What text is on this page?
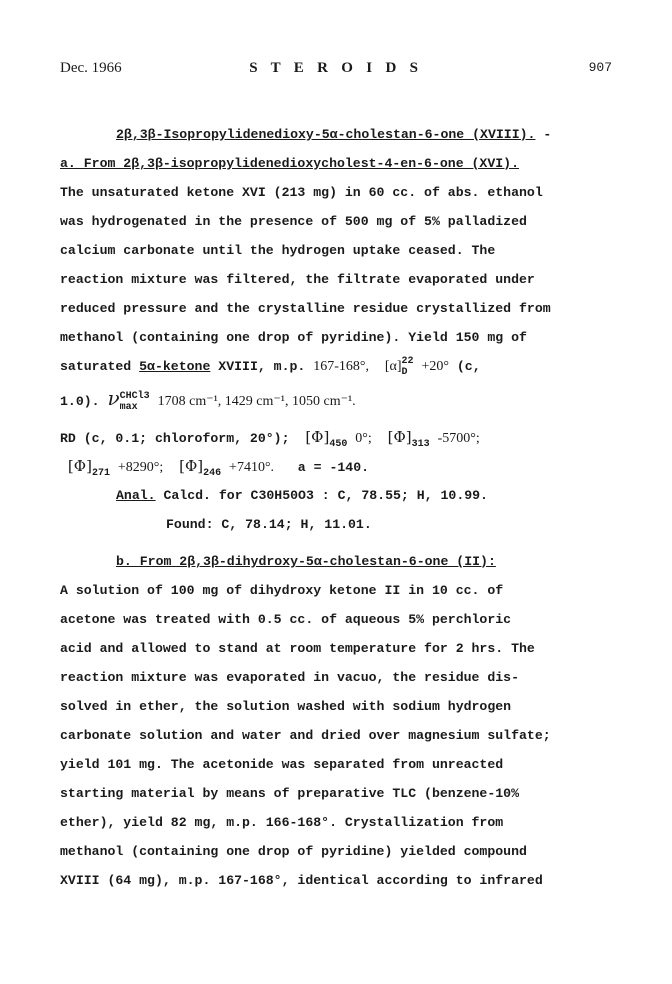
Dec. 1966	S T E R O I D S	907
2β,3β-Isopropylidenedioxy-5α-cholestan-6-one (XVIII). -
a. From 2β,3β-isopropylidenedioxycholest-4-en-6-one (XVI).
The unsaturated ketone XVI (213 mg) in 60 cc. of abs. ethanol
was hydrogenated in the presence of 500 mg of 5% palladized
calcium carbonate until the hydrogen uptake ceased. The
reaction mixture was filtered, the filtrate evaporated under
reduced pressure and the crystalline residue crystallized from
methanol (containing one drop of pyridine). Yield 150 mg of
saturated 5α-ketone XVIII, m.p. 167-168°, [α] 22
D +20° (c,
1.0). ν CHCl3
max	1708 cm⁻¹, 1429 cm⁻¹, 1050 cm⁻¹.
RD (c, 0.1; chloroform, 20°); $[\Phi]_{450}$ 0°; $[\Phi]_{313}$ -5700°;
$[\Phi]_{271} +8290^\circ$; $[\Phi]_{246} +7410^\circ$. a = -140.
Anal. Calcd. for C30H50O3 : C, 78.55; H, 10.99.
Found: C, 78.14; H, 11.01.
b. From 2β,3β-dihydroxy-5α-cholestan-6-one (II):
A solution of 100 mg of dihydroxy ketone II in 10 cc. of
acetone was treated with 0.5 cc. of aqueous 5% perchloric
acid and allowed to stand at room temperature for 2 hrs. The
reaction mixture was evaporated in vacuo, the residue dis-
solved in ether, the solution washed with sodium hydrogen
carbonate solution and water and dried over magnesium sulfate;
yield 101 mg. The acetonide was separated from unreacted
starting material by means of preparative TLC (benzene-10%
ether), yield 82 mg, m.p. 166-168°. Crystallization from
methanol (containing one drop of pyridine) yielded compound
XVIII (64 mg), m.p. 167-168°, identical according to infrared
